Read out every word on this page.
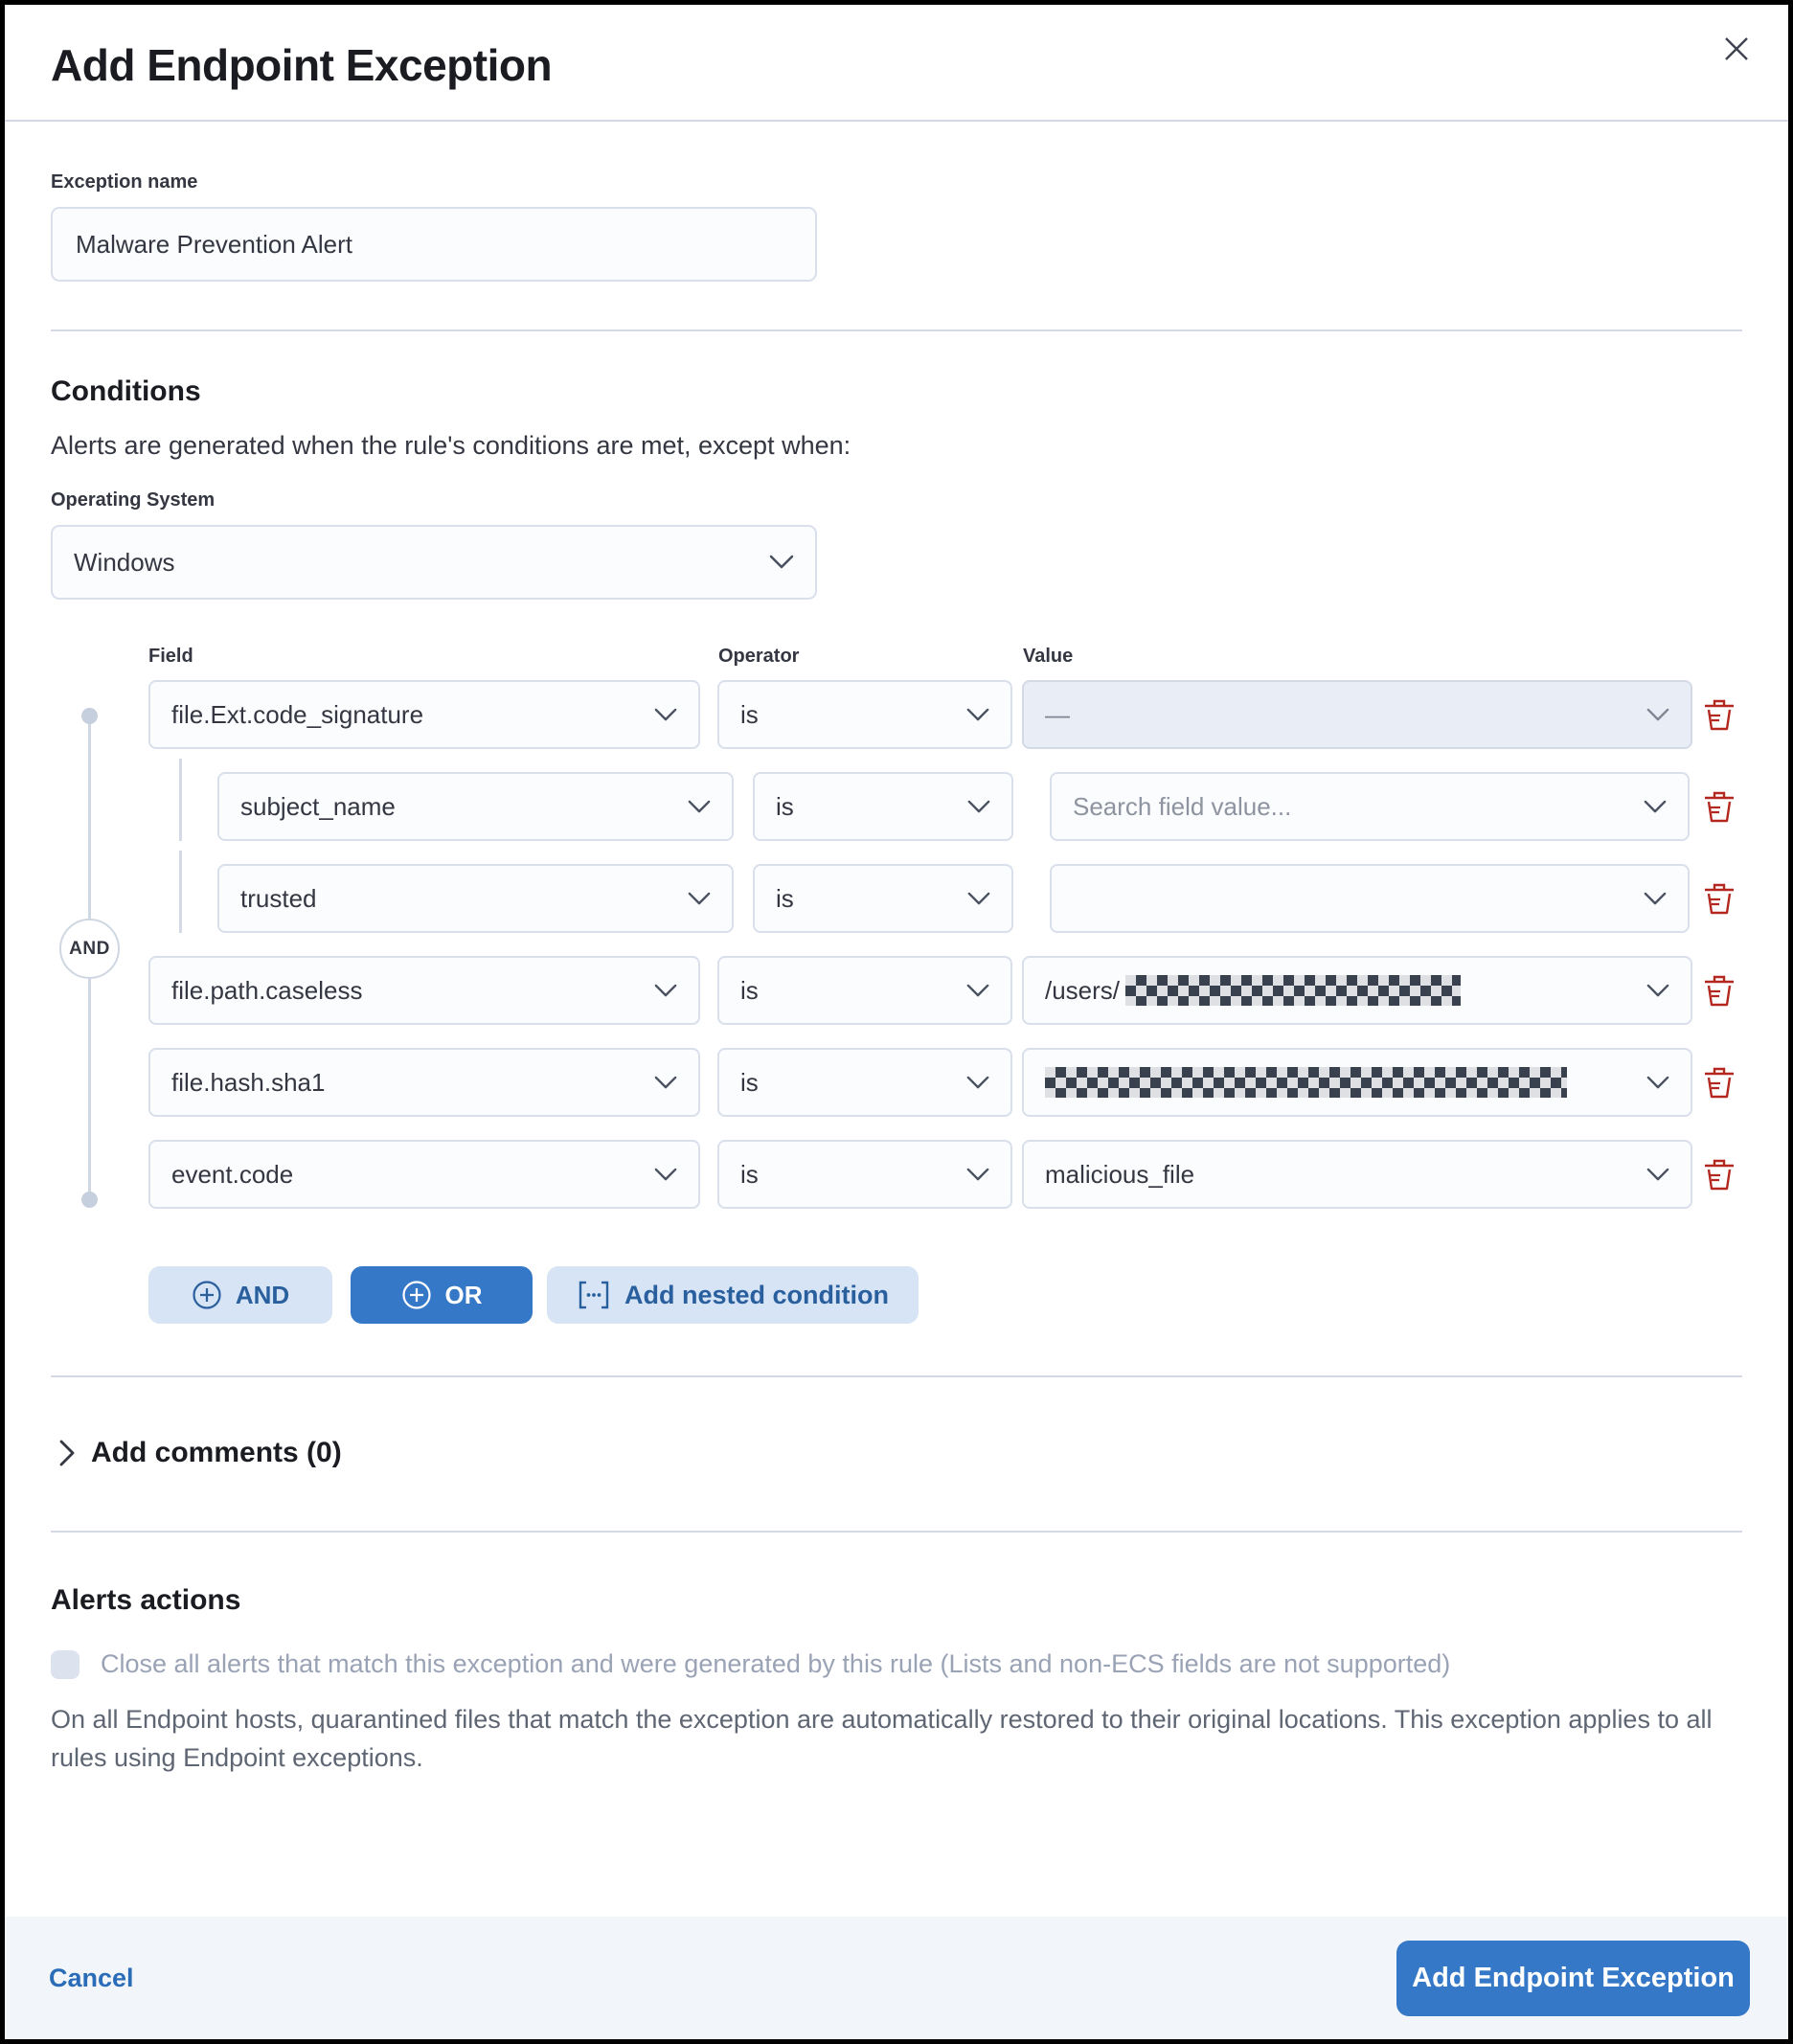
Add Endpoint Exception
Exception name
Malware Prevention Alert
Conditions
Alerts are generated when the rule's conditions are met, except when:
Operating System
Windows
Field	Operator	Value
AND
file.Ext.code_signature	is	—
subject_name	is	Search field value...
trusted	is
file.path.caseless	is	/users/
file.hash.sha1	is
event.code	is	malicious_file
AND	OR	Add nested condition
Add comments (0)
Alerts actions
Close all alerts that match this exception and were generated by this rule (Lists and non-ECS fields are not supported)

On all Endpoint hosts, quarantined files that match the exception are automatically restored to their original locations. This exception applies to all rules using Endpoint exceptions.

Cancel	Add Endpoint Exception
